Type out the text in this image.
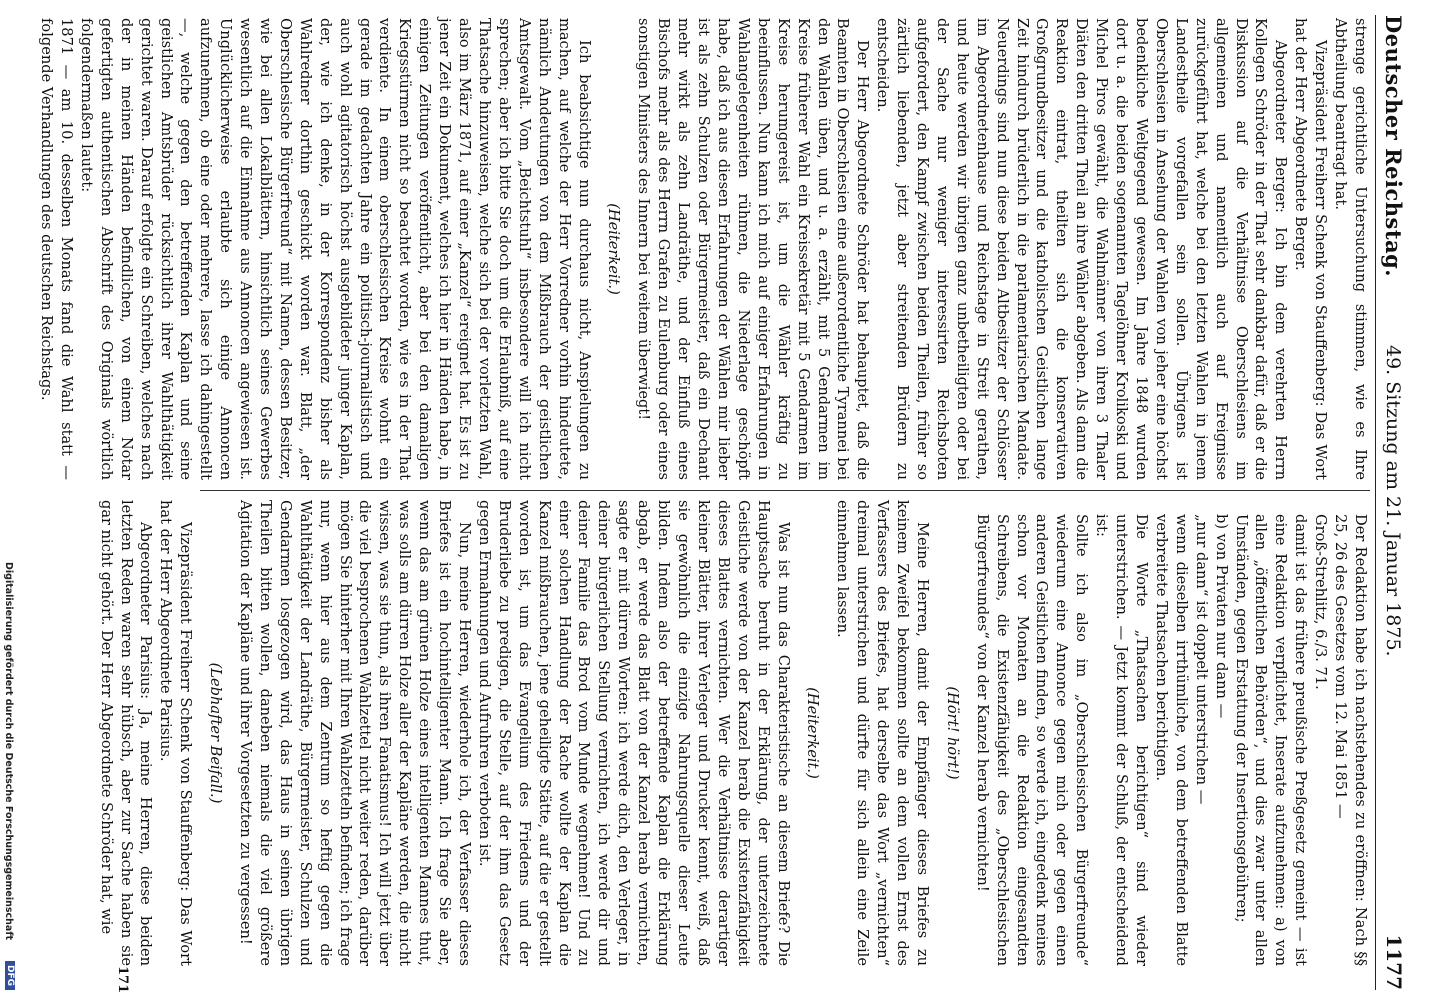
Deutscher Reichstag.
49. Sitzung am 21. Januar 1875.
1177

strenge gerichtliche Untersuchung stimmen, wie es Ihre Abtheilung beantragt hat.

Vizepräsident Freiherr Schenk von Stauffenberg: Das Wort hat der Herr Abgeordnete Berger.

Abgeordneter Berger: Ich bin dem verehrten Herrn Kollegen Schröder in der That sehr dankbar dafür, daß er die Diskussion auf die Verhältnisse Oberschlesiens im allgemeinen und namentlich auch auf Ereignisse zurückgeführt hat, welche bei den letzten Wahlen in jenem Landestheile vorgefallen sein sollen. Übrigens ist Oberschlesien in Ansehung der Wahlen von jeher eine höchst bedenkliche Weltgegend gewesen. Im Jahre 1848 wurden dort u. a. die beiden sogenannten Tagelöhner Krolikoski und Michel Piros gewählt, die Wahlmänner von ihren 3 Thaler Diäten den dritten Theil an ihre Wähler abgeben. Als dann die Reaktion eintrat, theilten sich die konservativen Großgrundbesitzer und die katholischen Geistlichen lange Zeit hindurch brüderlich in die parlamentarischen Mandate. Neuerdings sind nun diese beiden Altbesitzer der Schlösser im Abgeordnetenhause und Reichstage in Streit gerathen, und heute werden wir übrigen ganz unbetheiligten oder bei der Sache nur weniger interessirten Reichsboten aufgefordert, den Kampf zwischen beiden Theilen, früher so zärtlich liebenden, jetzt aber streitenden Brüdern zu entscheiden.

Der Herr Abgeordnete Schröder hat behauptet, daß die Beamten in Oberschlesien eine außerordentliche Tyrannei bei den Wahlen üben, und u. a. erzählt, mit 5 Gendarmen im Kreise früherer Wahl ein Kreissekretär mit 5 Gendarmen im Kreise herumgereist ist, um die Wähler kräftig zu beeinflussen. Nun kann ich mich auf einiger Erfahrungen in Wahlangelegenheiten rühmen, die Niederlage geschöpft habe, daß ich aus diesen Erfahrungen der Wählen mir lieber ist als zehn Schulzen oder Bürgermeister, daß ein Dechant mehr wirkt als zehn Landräthe, und der Einfluß eines Bischofs mehr als des Herrn Grafen zu Eulenburg oder eines sonstigen Ministers des Innern bei weitem überwiegt!

(Heiterkeit.)

Ich beabsichtige nun durchaus nicht, Anspielungen zu machen, auf welche der Herr Vorredner vorhin hindeutete, nämlich Andeutungen von dem Mißbrauch der geistlichen Amtsgewalt. Vom „Beichtstuhl“ insbesondere will ich nicht sprechen; aber ich bitte Sie doch um die Erlaubniß, auf eine Thatsache hinzuweisen, welche sich bei der vorletzten Wahl, also im März 1871, auf einer „Kanzel“ ereignet hat. Es ist zu jener Zeit ein Dokument, welches ich hier in Händen habe, in einigen Zeitungen veröffentlicht, aber bei den damaligen Kriegsstürmen nicht so beachtet worden, wie es in der That verdiente. In einem oberschlesischen Kreise wohnt ein gerade im gedachten Jahre ein politisch-journalistisch und auch wohl agitatorisch höchst ausgebildeter junger Kaplan, der, wie ich denke, in der Korrespondenz bisher als Wahlredner dorthin geschickt worden war. Blatt, „der Oberschlesische Bürgerfreund“ mit Namen, dessen Besitzer, wie bei allen Lokalblättern, hinsichtlich seines Gewerbes wesentlich auf die Einnahme aus Annoncen angewiesen ist. Unglücklicherweise erlaubte sich einige Annoncen aufzunehmen, ob eine oder mehrere, lasse ich dahingestellt —, welche gegen den betreffenden Kaplan und seine geistlichen Amtsbrüder rücksichtlich ihrer Wahlthätigkeit gerichtet waren. Darauf erfolgte ein Schreiben, welches nach der in meinen Händen befindlichen, von einem Notar gefertigten authentischen Abschrift des Originals wörtlich folgendermaßen lautet:

1871 — am 10. desselben Monats fand die Wahl statt — folgende Verhandlungen des deutschen Reichstags.

Der Redaktion habe ich nachstehendes zu eröffnen: Nach §§ 25, 26 des Gesetzes vom 12. Mai 1851 —

Groß-Strehlitz, 6./3. 71.

damit ist das frühere preußische Preßgesetz gemeint — ist eine Redaktion verpflichtet, Inserate aufzunehmen: a) von allen „öffentlichen Behörden“, und dies zwar unter allen Umständen, gegen Erstattung der Insertionsgebühren;

b) von Privaten nur dann —

„nur dann“ ist doppelt unterstrichen —

wenn dieselben irrthümliche, von dem betreffenden Blatte verbreitete Thatsachen berichtigen.

Die Worte „Thatsachen berichtigen“ sind wieder unterstrichen. — Jetzt kommt der Schluß, der entscheidend ist:

Sollte ich also im „Oberschlesischen Bürgerfreunde“ wiederum eine Annonce gegen mich oder gegen einen anderen Geistlichen finden, so werde ich, eingedenk meines schon vor Monaten an die Redaktion eingesandten Schreibens, die Existenzfähigkeit des „Oberschlesischen Bürgerfreundes“ von der Kanzel herab vernichten!

(Hört! hört!)

Meine Herren, damit der Empfänger dieses Briefes zu keinem Zweifel bekommen sollte an dem vollen Ernst des Verfassers des Briefes, hat derselbe das Wort „vernichten“ dreimal unterstrichen und dürfte für sich allein eine Zeile einnehmen lassen.

(Heiterkeit.)

Was ist nun das Charakteristische an diesem Briefe? Die Hauptsache beruht in der Erklärung, der unterzeichnete Geistliche werde von der Kanzel herab die Existenzfähigkeit dieses Blattes vernichten. Wer die Verhältnisse derartiger kleiner Blätter, ihrer Verleger und Drucker kennt, weiß, daß sie gewöhnlich die einzige Nahrungsquelle dieser Leute bilden. Indem also der betreffende Kaplan die Erklärung abgab, er werde das Blatt von der Kanzel herab vernichten, sagte er mit dürren Worten: ich werde dich, den Verleger, in deiner bürgerlichen Stellung vernichten, ich werde dir und deiner Familie das Brod vom Munde wegnehmen! Und zu einer solchen Handlung der Rache wollte der Kaplan die Kanzel mißbrauchen, jene geheiligte Stätte, auf die er gestellt worden ist, um das Evangelium des Friedens und der Bruderliebe zu predigen, die Stelle, auf der ihm das Gesetz gegen Ermahnungen und Aufruhren verboten ist.

Nun, meine Herren, wiederhole ich, der Verfasser dieses Briefes ist ein hochintelligenter Mann. Ich frage Sie aber, wenn das am grünen Holze eines intelligenten Mannes thut, was solls am dürren Holze aller der Kapläne werden, die nicht wissen, was sie thun, als ihren Fanatismus! Ich will jetzt über die viel besprochenen Wahlzettel nicht weiter reden, darüber mögen Sie hinterher mit Ihren Wahlzetteln befinden; ich frage nur, wenn hier aus dem Zentrum so heftig gegen die Wahlthätigkeit der Landräthe, Bürgermeister, Schulzen und Gendarmen losgezogen wird, das Haus in seinen übrigen Theilen bitten wollen, daneben niemals die viel größere Agitation der Kapläne und ihrer Vorgesetzten zu vergessen!

(Lebhafter Beifall.)

Vizepräsident Freiherr Schenk von Stauffenberg: Das Wort hat der Herr Abgeordnete Parisius.

Abgeordneter Parisius: Ja, meine Herren, diese beiden letzten Reden waren sehr hübsch, aber zur Sache haben sie gar nicht gehört. Der Herr Abgeordnete Schröder hat, wie

171
Digitalisierung gefördert durch die Deutsche Forschungsgemeinschaft
DFG
